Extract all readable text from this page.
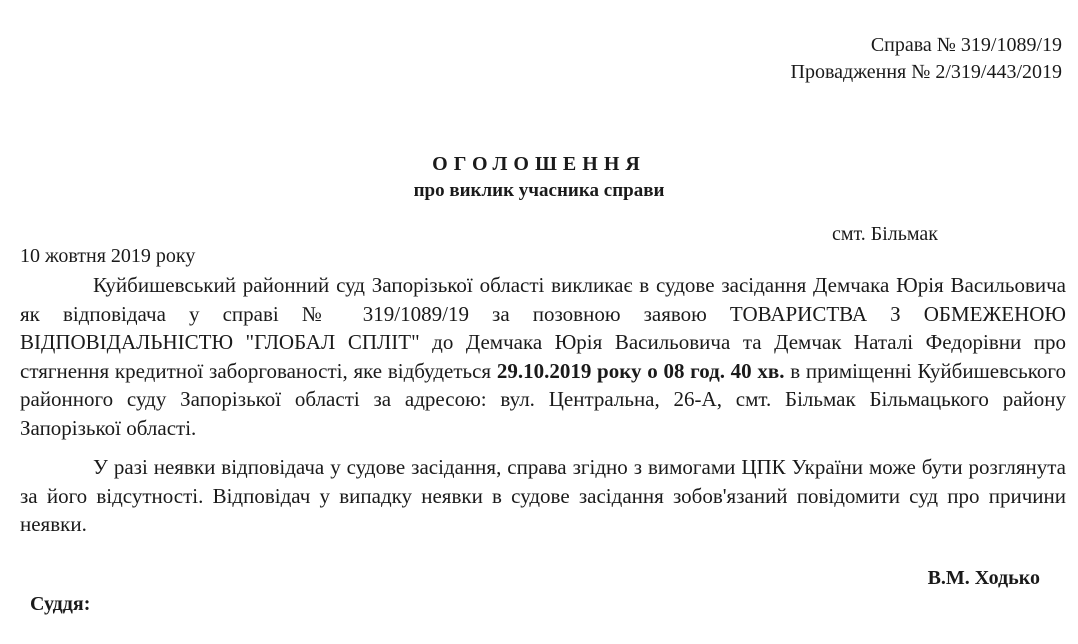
Справа № 319/1089/19
Провадження № 2/319/443/2019
ОГОЛОШЕННЯ
про виклик учасника справи
смт. Більмак
10 жовтня 2019 року

Куйбишевський районний суд Запорізької області викликає в судове засідання Демчака Юрія Васильовича як відповідача у справі № 319/1089/19 за позовною заявою ТОВАРИСТВА З ОБМЕЖЕНОЮ ВІДПОВІДАЛЬНІСТЮ "ГЛОБАЛ СПЛІТ" до Демчака Юрія Васильовича та Демчак Наталі Федорівни про стягнення кредитної заборгованості, яке відбудеться 29.10.2019 року о 08 год. 40 хв. в приміщенні Куйбишевського районного суду Запорізької області за адресою: вул. Центральна, 26-А, смт. Більмак Більмацького району Запорізької області.

У разі неявки відповідача у судове засідання, справа згідно з вимогами ЦПК України може бути розглянута за його відсутності. Відповідач у випадку неявки в судове засідання зобов'язаний повідомити суд про причини неявки.

В.М. Ходько
Суддя:
